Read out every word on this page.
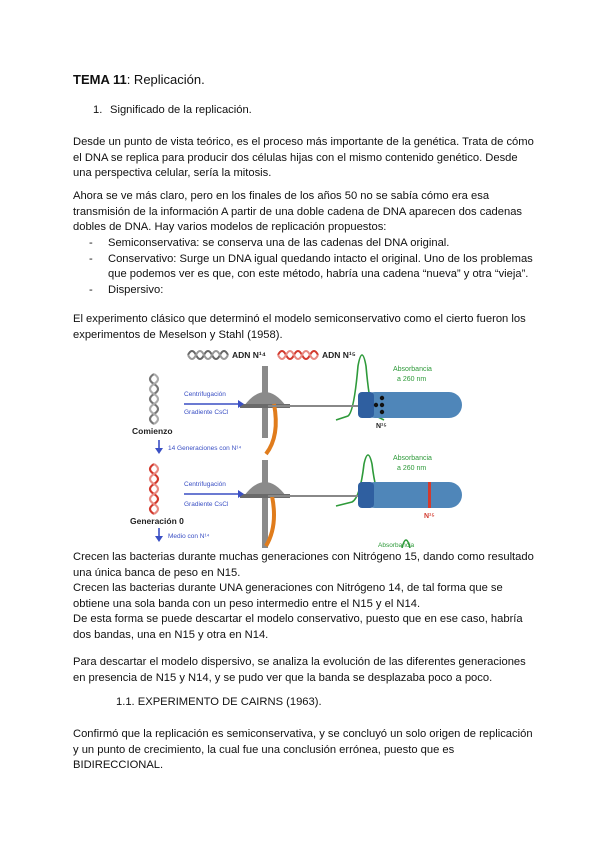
TEMA 11: Replicación.
1. Significado de la replicación.

Desde un punto de vista teórico, es el proceso más importante de la genética. Trata de cómo el DNA se replica para producir dos células hijas con el mismo contenido genético. Desde una perspectiva celular, sería la mitosis.

Ahora se ve más claro, pero en los finales de los años 50 no se sabía cómo era esa transmisión de la información A partir de una doble cadena de DNA aparecen dos cadenas dobles de DNA. Hay varios modelos de replicación propuestos:

- Semiconservativa: se conserva una de las cadenas del DNA original.
- Conservativo: Surge un DNA igual quedando intacto el original. Uno de los problemas que podemos ver es que, con este método, habría una cadena “nueva” y otra “vieja”.
- Dispersivo:

El experimento clásico que determinó el modelo semiconservativo como el cierto fueron los experimentos de Meselson y Stahl (1958).

ADN N¹⁴	ADN N¹⁵
Absorbancia
a 260 nm
Comienzo
Centrifugación
Gradiente CsCl
N¹⁵
14 Generaciones con N¹⁴
Absorbancia
a 260 nm
Generación 0
Centrifugación
Gradiente CsCl
N¹⁵
Medio con N¹⁴
Absorbancia

Crecen las bacterias durante muchas generaciones con Nitrógeno 15, dando como resultado una única banca de peso en N15.

Crecen las bacterias durante UNA generaciones con Nitrógeno 14, de tal forma que se obtiene una sola banda con un peso intermedio entre el N15 y el N14.

De esta forma se puede descartar el modelo conservativo, puesto que en ese caso, habría dos bandas, una en N15 y otra en N14.

Para descartar el modelo dispersivo, se analiza la evolución de las diferentes generaciones en presencia de N15 y N14, y se pudo ver que la banda se desplazaba poco a poco.

1.1. EXPERIMENTO DE CAIRNS (1963).

Confirmó que la replicación es semiconservativa, y se concluyó un solo origen de replicación y un punto de crecimiento, la cual fue una conclusión errónea, puesto que es BIDIRECCIONAL.
